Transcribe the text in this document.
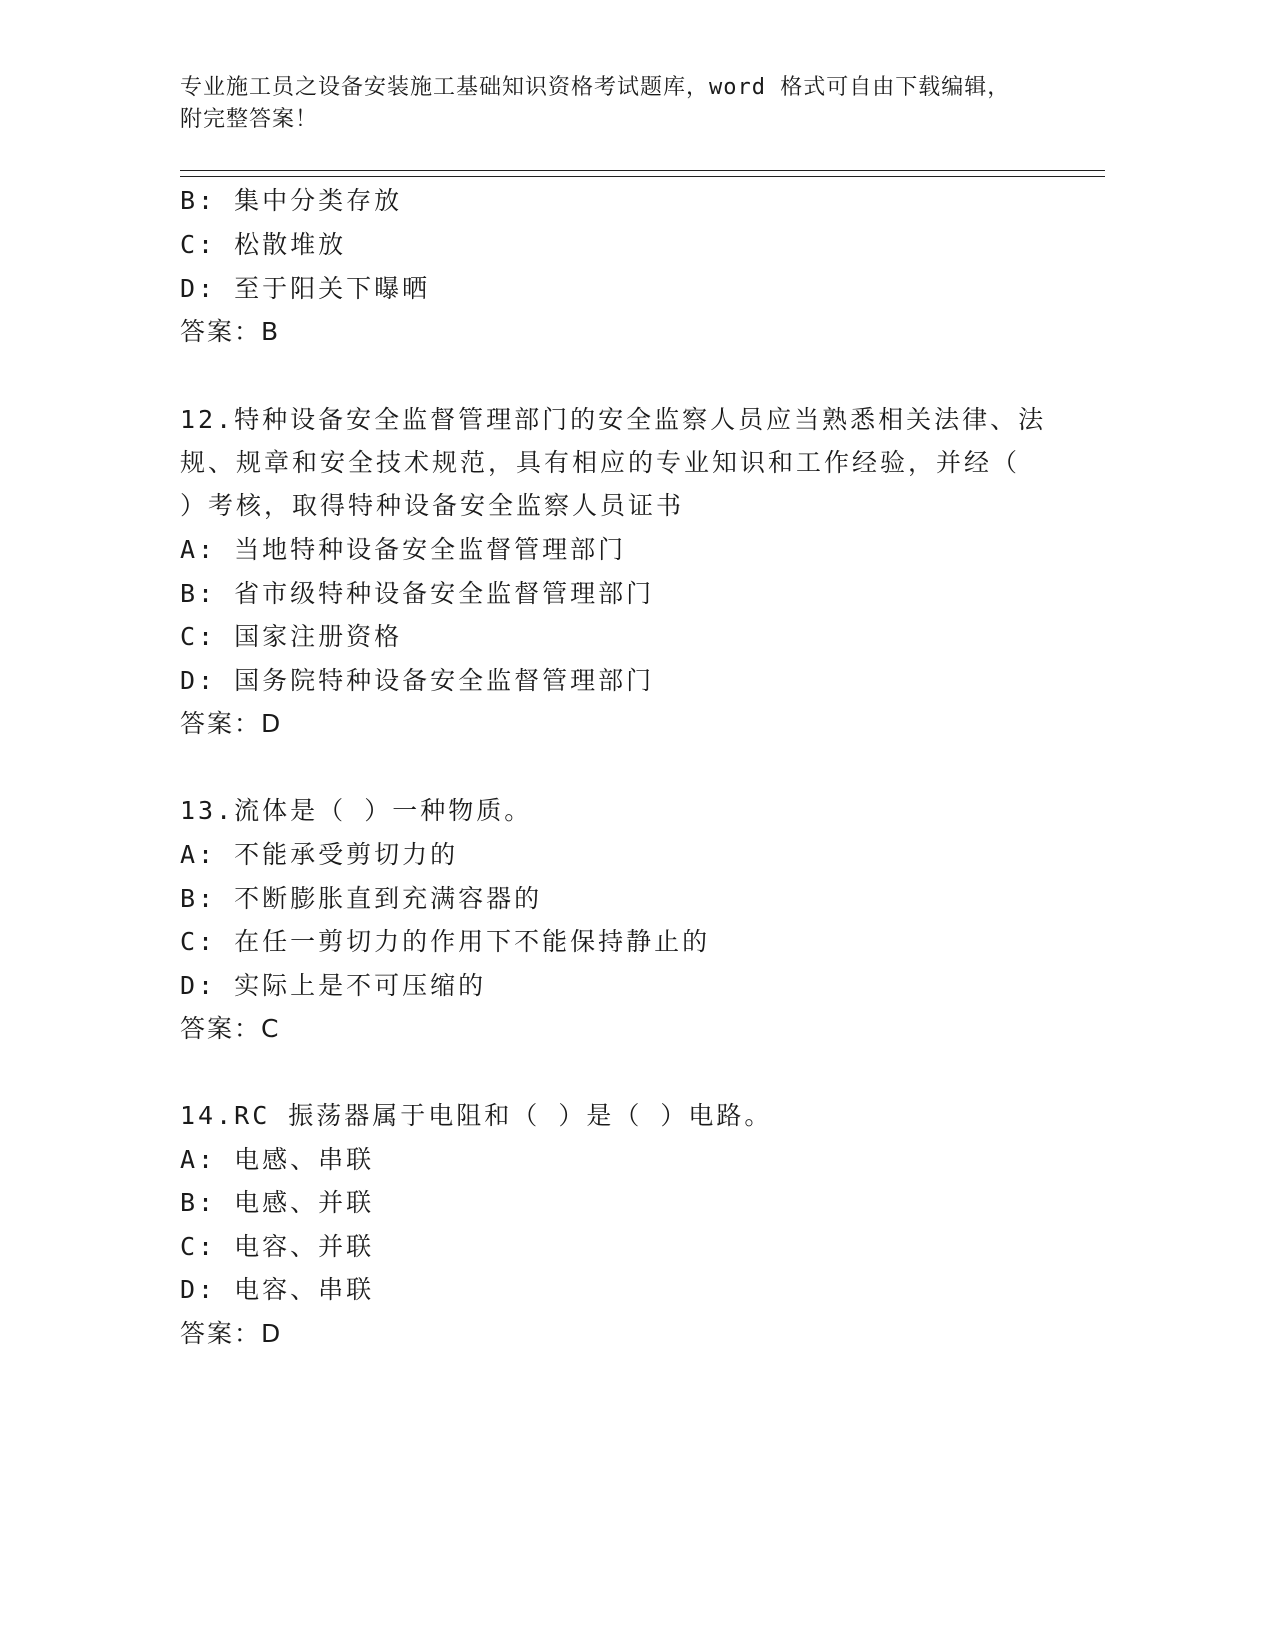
专业施工员之设备安装施工基础知识资格考试题库，word 格式可自由下载编辑，
附完整答案！
B: 集中分类存放
C: 松散堆放
D: 至于阳关下曝晒
答案：B
12.特种设备安全监督管理部门的安全监察人员应当熟悉相关法律、法
规、规章和安全技术规范，具有相应的专业知识和工作经验，并经（
）考核，取得特种设备安全监察人员证书
A: 当地特种设备安全监督管理部门
B: 省市级特种设备安全监督管理部门
C: 国家注册资格
D: 国务院特种设备安全监督管理部门
答案：D
13.流体是（ ）一种物质。
A: 不能承受剪切力的
B: 不断膨胀直到充满容器的
C: 在任一剪切力的作用下不能保持静止的
D: 实际上是不可压缩的
答案：C
14.RC 振荡器属于电阻和（ ）是（ ）电路。
A: 电感、串联
B: 电感、并联
C: 电容、并联
D: 电容、串联
答案：D
